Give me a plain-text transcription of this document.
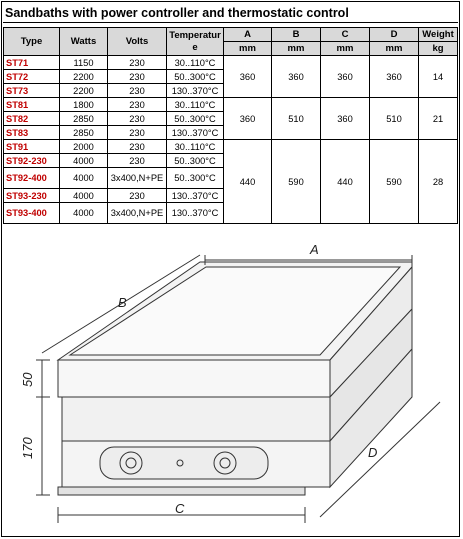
Sandbaths with power controller and thermostatic control
Type	Watts	Volts	Temperatur e	A	B	C	D	Weight
				mm	mm	mm	mm	kg
ST71	1150	230	30..110°C	360	360	360	360	14
ST72	2200	230	50..300°C					
ST73	2200	230	130..370°C					
ST81	1800	230	30..110°C	360	510	360	510	21
ST82	2850	230	50..300°C					
ST83	2850	230	130..370°C					
ST91	2000	230	30..110°C	440	590	440	590	28
ST92-230	4000	230	50..300°C					
ST92-400	4000	3x400,N+PE	50..300°C					
ST93-230	4000	230	130..370°C					
ST93-400	4000	3x400,N+PE	130..370°C					
A
B
C
D
50
170
